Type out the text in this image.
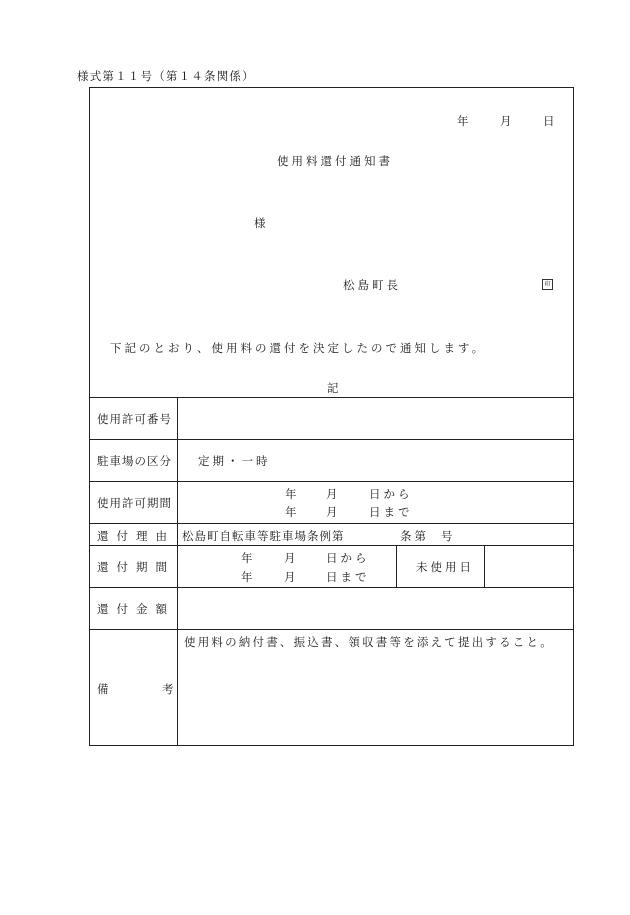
様式第１１号（第１４条関係）
年	月	日
使用料還付通知書
様
松島町長	印
下記のとおり、使用料の還付を決定したので通知します。
記
使用許可番号
駐車場の区分 定期・一時
使用許可期間
年	月	日から
年	月	日まで
還付理由 松島町自転車等駐車場条例第	条第 号
還付期間
年	月	日から
年	月	日まで
未使用日
還付金額
備	考
使用料の納付書、振込書、領収書等を添えて提出すること。
